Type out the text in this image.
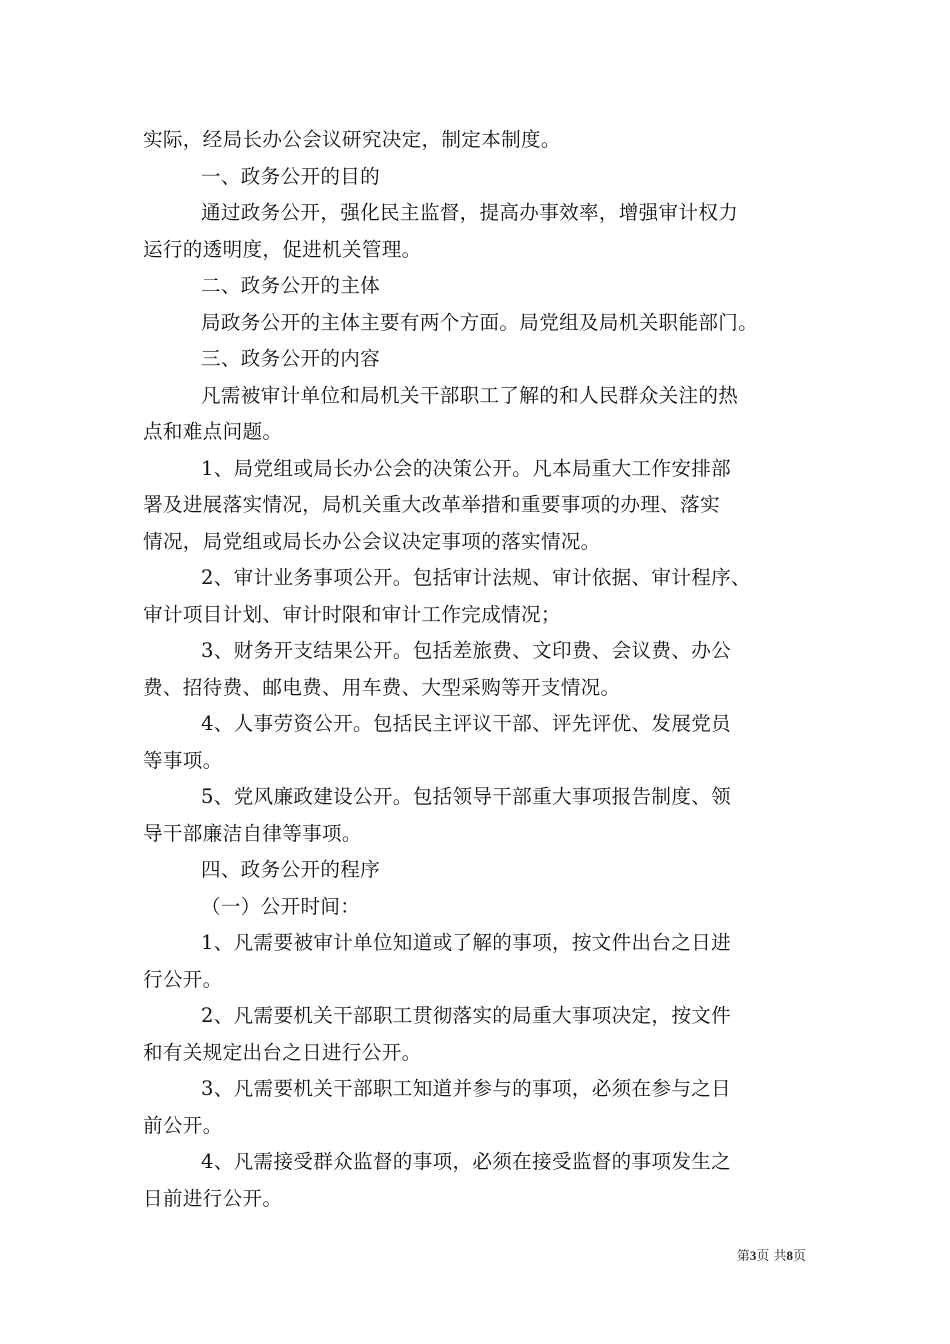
实际，经局长办公会议研究决定，制定本制度。

一、政务公开的目的

通过政务公开，强化民主监督，提高办事效率，增强审计权力
运行的透明度，促进机关管理。

二、政务公开的主体

局政务公开的主体主要有两个方面。局党组及局机关职能部门。

三、政务公开的内容

凡需被审计单位和局机关干部职工了解的和人民群众关注的热
点和难点问题。

1、局党组或局长办公会的决策公开。凡本局重大工作安排部
署及进展落实情况，局机关重大改革举措和重要事项的办理、落实
情况，局党组或局长办公会议决定事项的落实情况。

2、审计业务事项公开。包括审计法规、审计依据、审计程序、
审计项目计划、审计时限和审计工作完成情况；

3、财务开支结果公开。包括差旅费、文印费、会议费、办公
费、招待费、邮电费、用车费、大型采购等开支情况。

4、人事劳资公开。包括民主评议干部、评先评优、发展党员
等事项。

5、党风廉政建设公开。包括领导干部重大事项报告制度、领
导干部廉洁自律等事项。

四、政务公开的程序

（一）公开时间：

1、凡需要被审计单位知道或了解的事项，按文件出台之日进
行公开。

2、凡需要机关干部职工贯彻落实的局重大事项决定，按文件
和有关规定出台之日进行公开。

3、凡需要机关干部职工知道并参与的事项，必须在参与之日
前公开。

4、凡需接受群众监督的事项，必须在接受监督的事项发生之
日前进行公开。

第3页 共8页
